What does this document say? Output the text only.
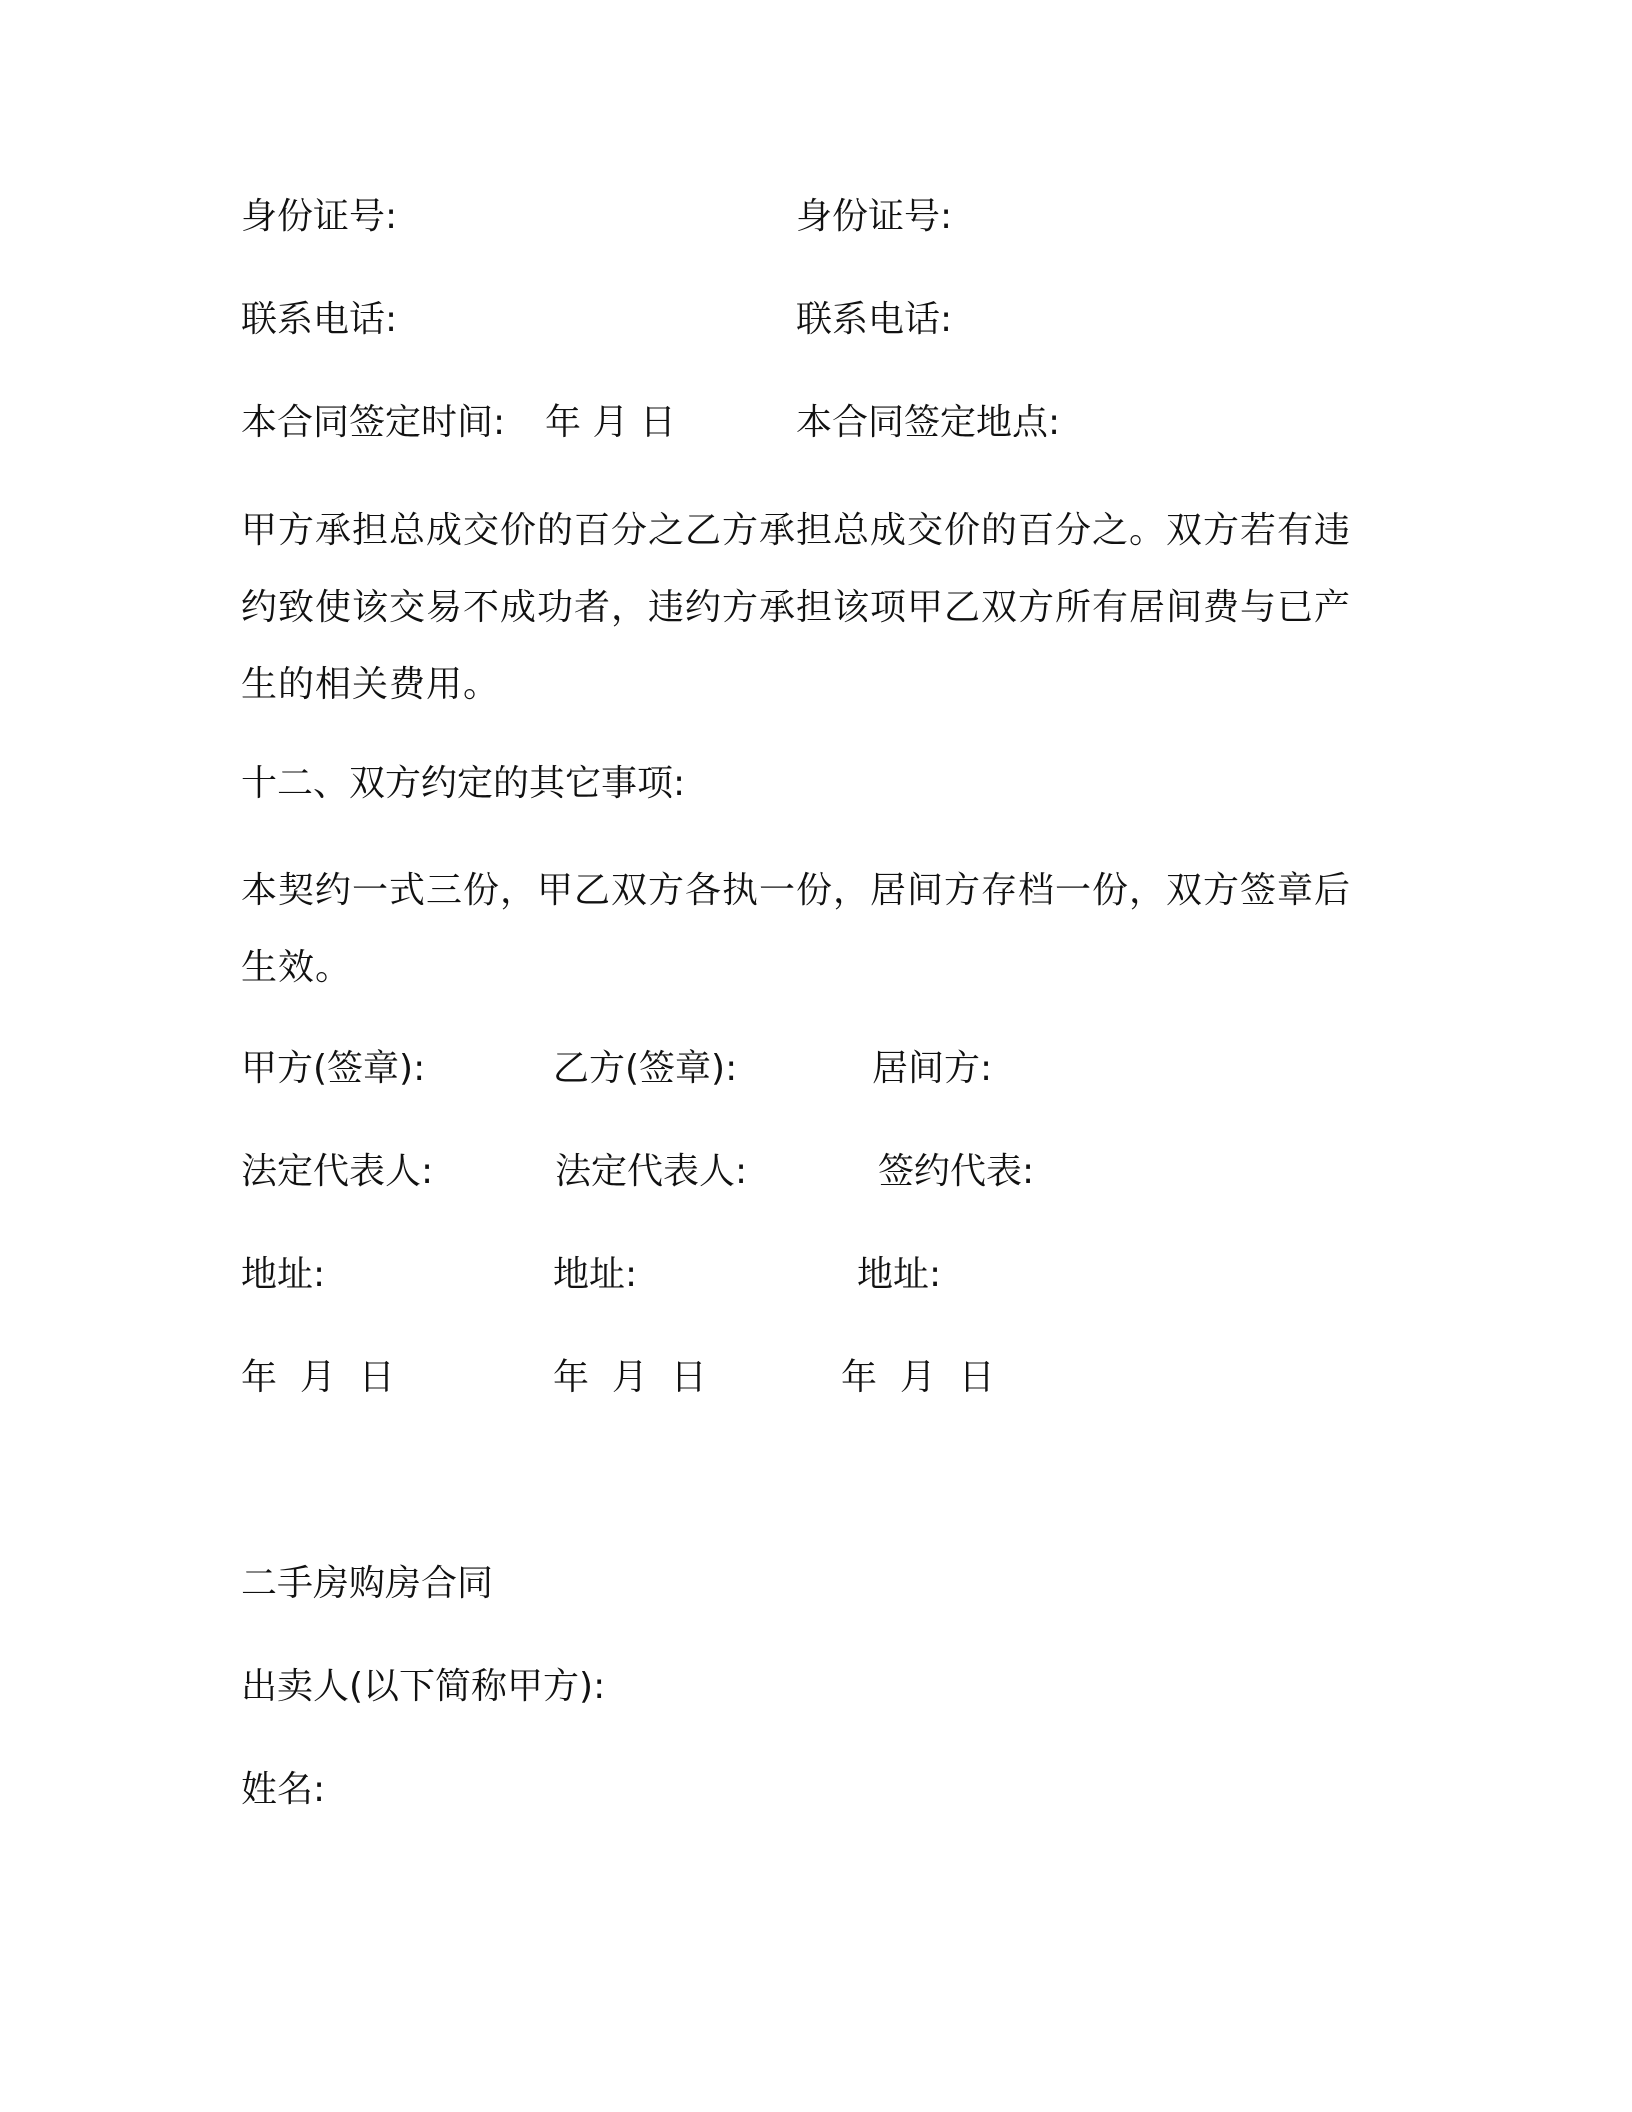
身份证号:	身份证号:
联系电话:	联系电话:
本合同签定时间: 年 月 日	本合同签定地点:
甲方承担总成交价的百分之乙方承担总成交价的百分之。双方若有违
约致使该交易不成功者，违约方承担该项甲乙双方所有居间费与已产
生的相关费用。
十二、双方约定的其它事项:
本契约一式三份，甲乙双方各执一份，居间方存档一份，双方签章后
生效。
甲方(签章):	乙方(签章):	居间方:
法定代表人:	法定代表人:	签约代表:
地址:	地址:	地址:
年  月  日	年  月  日	年  月  日
二手房购房合同
出卖人(以下简称甲方):
姓名:
